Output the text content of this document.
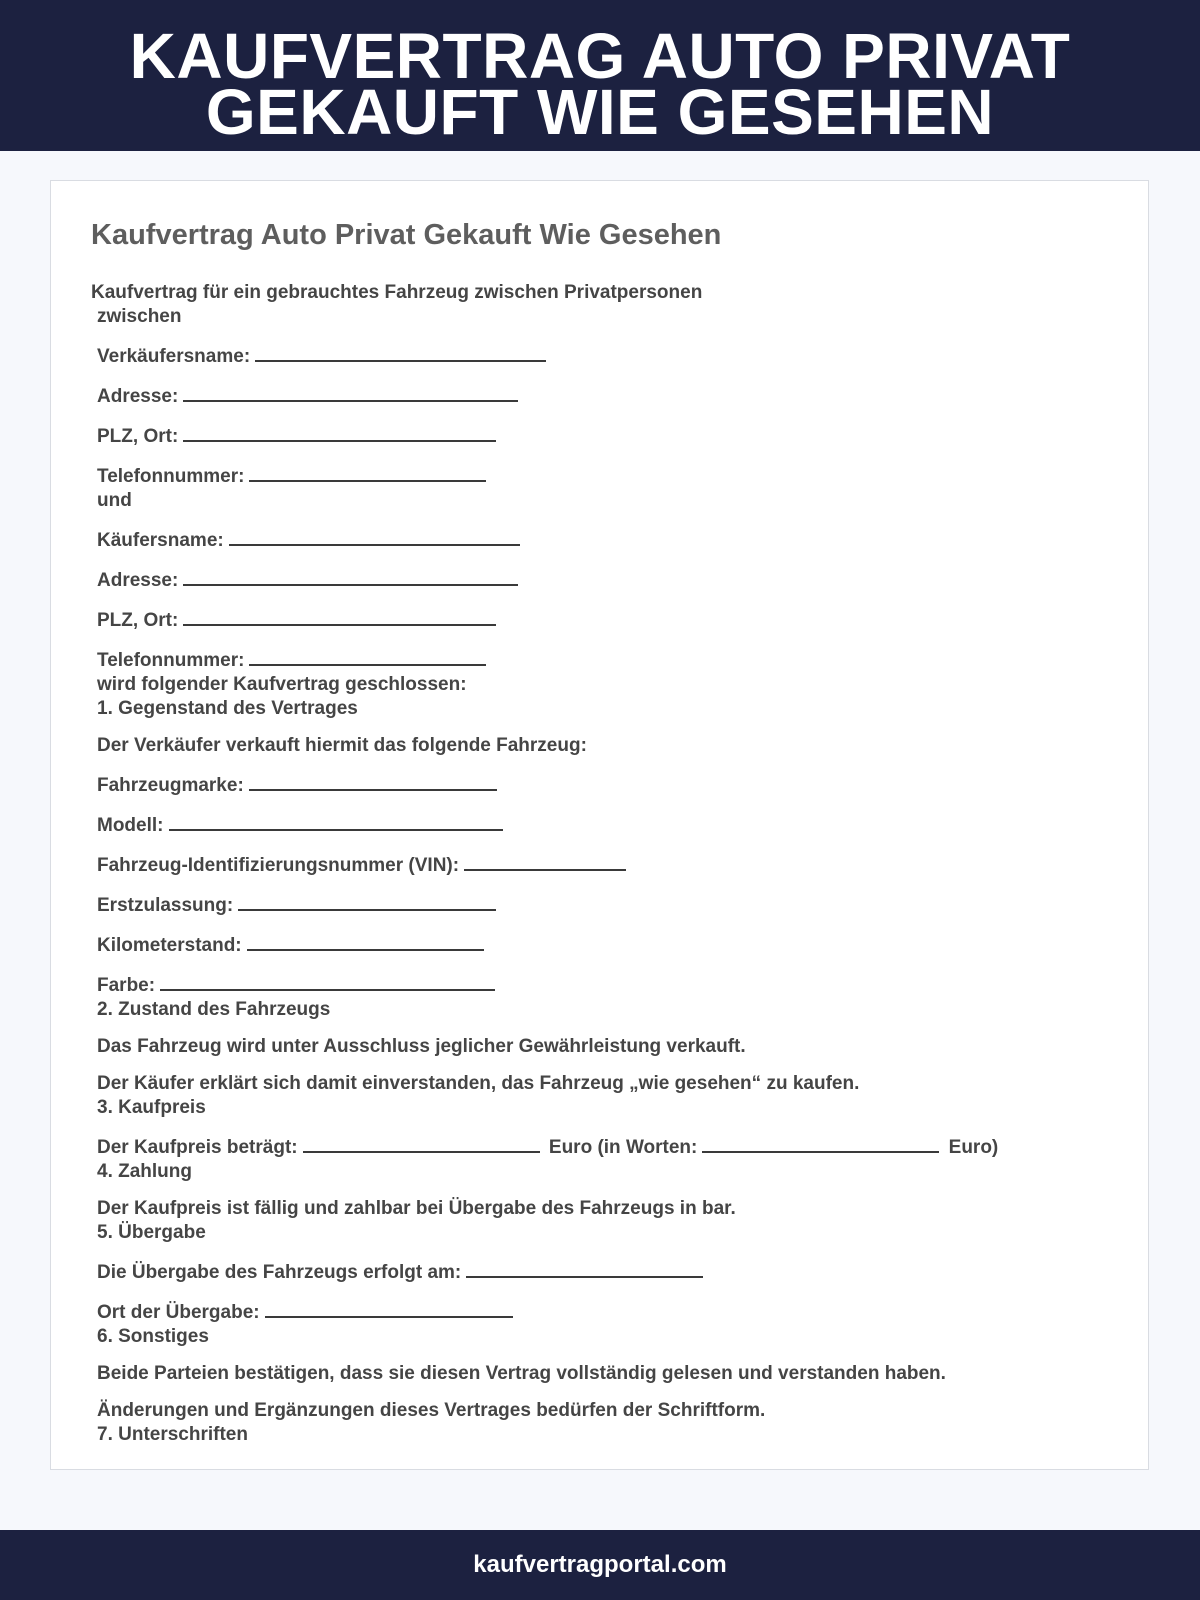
KAUFVERTRAG AUTO PRIVAT
GEKAUFT WIE GESEHEN
Kaufvertrag Auto Privat Gekauft Wie Gesehen

Kaufvertrag für ein gebrauchtes Fahrzeug zwischen Privatpersonen

zwischen

Verkäufersname:

Adresse:

PLZ, Ort:

Telefonnummer:

und

Käufersname:

Adresse:

PLZ, Ort:

Telefonnummer:

wird folgender Kaufvertrag geschlossen:

1. Gegenstand des Vertrages

Der Verkäufer verkauft hiermit das folgende Fahrzeug:

Fahrzeugmarke:

Modell:

Fahrzeug-Identifizierungsnummer (VIN):

Erstzulassung:

Kilometerstand:

Farbe:

2. Zustand des Fahrzeugs

Das Fahrzeug wird unter Ausschluss jeglicher Gewährleistung verkauft.

Der Käufer erklärt sich damit einverstanden, das Fahrzeug „wie gesehen“ zu kaufen.

3. Kaufpreis

Der Kaufpreis beträgt:	Euro (in Worten:	Euro)

4. Zahlung

Der Kaufpreis ist fällig und zahlbar bei Übergabe des Fahrzeugs in bar.

5. Übergabe

Die Übergabe des Fahrzeugs erfolgt am:

Ort der Übergabe:

6. Sonstiges

Beide Parteien bestätigen, dass sie diesen Vertrag vollständig gelesen und verstanden haben.

Änderungen und Ergänzungen dieses Vertrages bedürfen der Schriftform.

7. Unterschriften

kaufvertragportal.com
